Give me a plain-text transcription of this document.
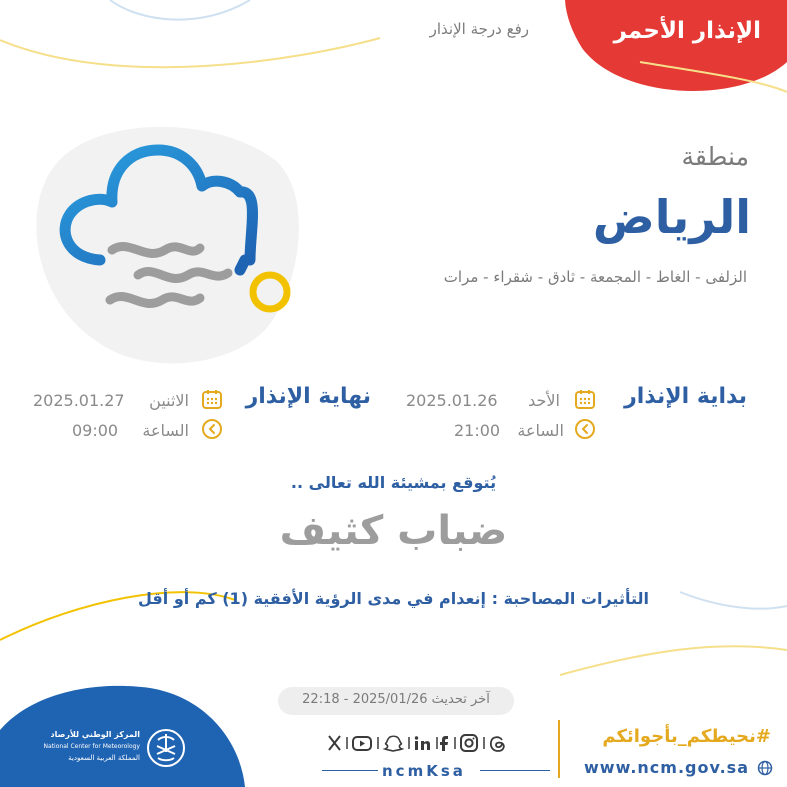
الإنذار الأحمر
رفع درجة الإنذار
منطقة
الرياض
الزلفى - الغاط - المجمعة - ثادق - شقراء - مرات
بداية الإنذار
الأحد
2025.01.26
الساعة
21:00
نهاية الإنذار
الاثنين
2025.01.27
الساعة
09:00
يُتوقع بمشيئة الله تعالى ..
ضباب كثيف
التأثيرات المصاحبة : إنعدام في مدى الرؤية الأفقية (1) كم أو أقل
آخر تحديث 2025/01/26 - 22:18
#نحيطكم_بأجوائكم
www.ncm.gov.sa
ncmKsa
المركز الوطني للأرصاد
National Center for Meteorology
المملكة العربية السعودية
